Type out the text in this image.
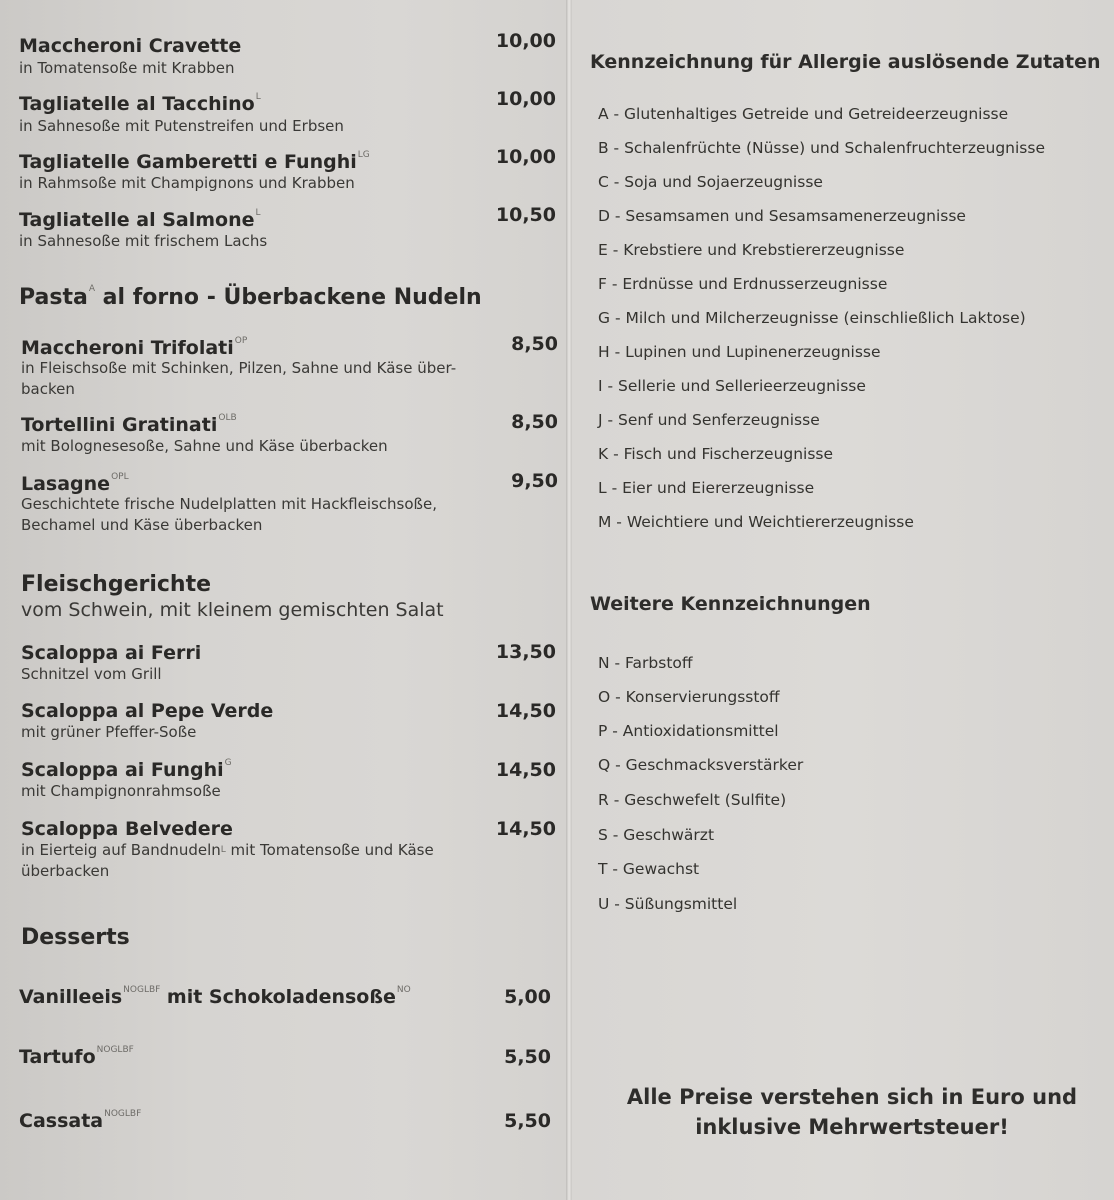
Maccheroni Cravette
in Tomatensoße mit Krabben
10,00
Tagliatelle al Tacchino$^L$
in Sahnesoße mit Putenstreifen und Erbsen
10,00
Tagliatelle Gamberetti e Funghi$^{LG}$
in Rahmsoße mit Champignons und Krabben
10,00
Tagliatelle al Salmone$^L$
in Sahnesoße mit frischem Lachs
10,50
Pasta$^A$ al forno - Überbackene Nudeln
Maccheroni Trifolati$^{OP}$
in Fleischsoße mit Schinken, Pilzen, Sahne und Käse über-
backen
8,50
Tortellini Gratinati$^{OLB}$
mit Bolognesesoße, Sahne und Käse überbacken
8,50
Lasagne$^{OPL}$
Geschichtete frische Nudelplatten mit Hackfleischsoße,
Bechamel und Käse überbacken
9,50
Fleischgerichte
vom Schwein, mit kleinem gemischten Salat
Scaloppa ai Ferri
Schnitzel vom Grill
13,50
Scaloppa al Pepe Verde
mit grüner Pfeffer-Soße
14,50
Scaloppa ai Funghi$^G$
mit Champignonrahmsoße
14,50
Scaloppa Belvedere
in Eierteig auf Bandnudeln$^L$ mit Tomatensoße und Käse
überbacken
14,50
Desserts
Vanilleeis$^{NOGLBF}$ mit Schokoladensoße$^{NO}$	5,00
Tartufo$^{NOGLBF}$	5,50
Cassata$^{NOGLBF}$	5,50
Kennzeichnung für Allergie auslösende Zutaten
A - Glutenhaltiges Getreide und Getreideerzeugnisse
B - Schalenfrüchte (Nüsse) und Schalenfruchterzeugnisse
C - Soja und Sojaerzeugnisse
D - Sesamsamen und Sesamsamenerzeugnisse
E - Krebstiere und Krebstiererzeugnisse
F - Erdnüsse und Erdnusserzeugnisse
G - Milch und Milcherzeugnisse (einschließlich Laktose)
H - Lupinen und Lupinenerzeugnisse
I - Sellerie und Sellerieerzeugnisse
J - Senf und Senferzeugnisse
K - Fisch und Fischerzeugnisse
L - Eier und Eiererzeugnisse
M - Weichtiere und Weichtiererzeugnisse
Weitere Kennzeichnungen
N - Farbstoff
O - Konservierungsstoff
P - Antioxidationsmittel
Q - Geschmacksverstärker
R - Geschwefelt (Sulfite)
S - Geschwärzt
T - Gewachst
U - Süßungsmittel
Alle Preise verstehen sich in Euro und inklusive Mehrwertsteuer!
